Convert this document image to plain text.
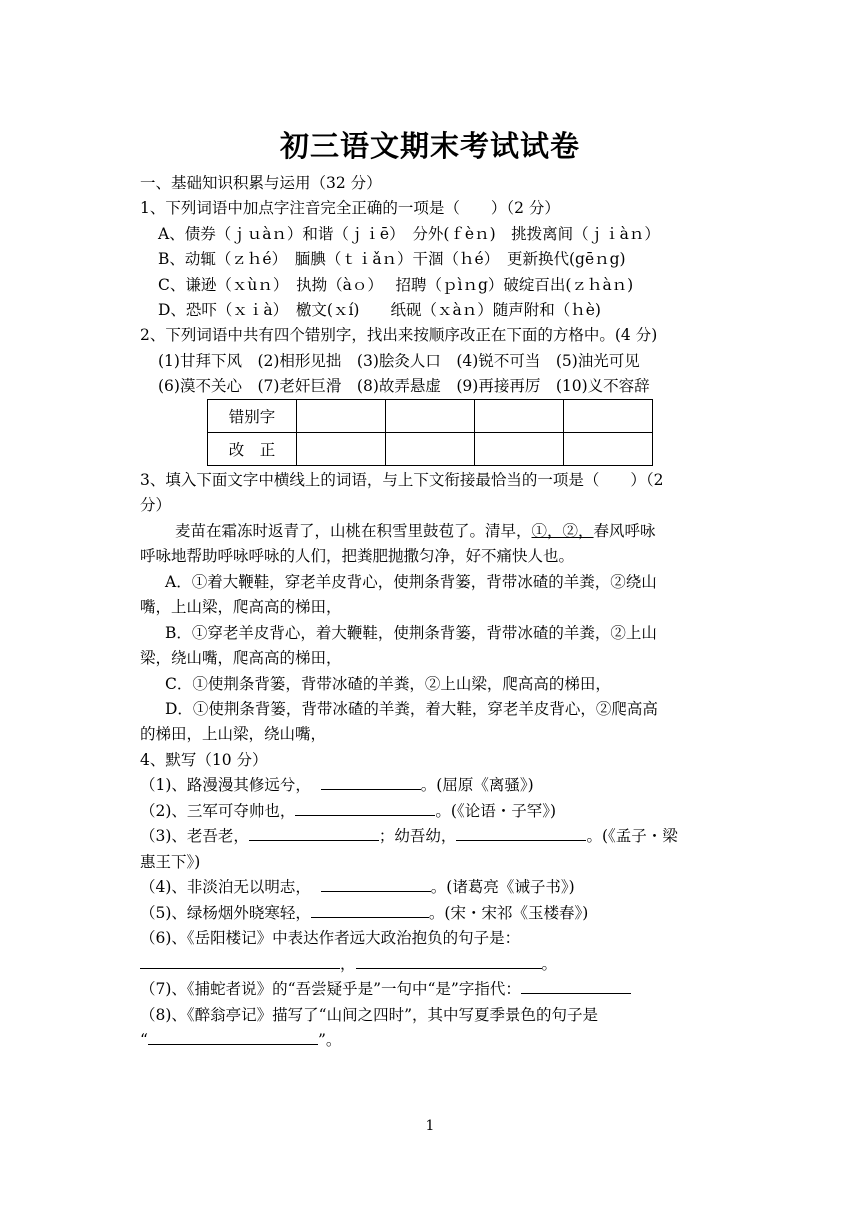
初三语文期末考试试卷
一、基础知识积累与运用（32 分）
1、下列词语中加点字注音完全正确的一项是（　　）（2 分）
A、债券（ｊｕàｎ）和谐（ｊｉē）　分外(ｆèｎ)　挑拨离间（ｊｉàｎ）
B、动辄（ｚｈé）　腼腆（ｔｉǎｎ）干涸（ｈé）　更新换代(gēｎg)
C、谦逊（ｘùｎ）　执拗（àｏ）　 招聘（ｐìｎg）破绽百出(ｚｈàｎ)
D、恐吓（ｘｉà）　檄文(ｘí)　　纸砚（ｘàｎ）随声附和（ｈè)
2、下列词语中共有四个错别字，找出来按顺序改正在下面的方格中。(4 分)
(1)甘拜下风　(2)相形见拙　(3)脍灸人口　(4)锐不可当　(5)油光可见
(6)漠不关心　(7)老奸巨滑　(8)故弄悬虚　(9)再接再厉　(10)义不容辞
错别字				
改　正				
3、填入下面文字中横线上的词语，与上下文衔接最恰当的一项是（　　）（2
分）
麦苗在霜冻时返青了，山桃在积雪里鼓苞了。清早，①，②，春风呼咏
呼咏地帮助呼咏呼咏的人们，把粪肥抛撒匀净，好不痛快人也。
A．①着大鞭鞋，穿老羊皮背心，使荆条背篓，背带冰碴的羊粪，②绕山
嘴，上山梁，爬高高的梯田，
B．①穿老羊皮背心，着大鞭鞋，使荆条背篓，背带冰碴的羊粪，②上山
梁，绕山嘴，爬高高的梯田，
C．①使荆条背篓，背带冰碴的羊粪，②上山梁，爬高高的梯田，
D．①使荆条背篓，背带冰碴的羊粪，着大鞋，穿老羊皮背心，②爬高高
的梯田，上山梁，绕山嘴，
4、默写（10 分）
（1)、路漫漫其修远兮，	。(屈原《离骚》)
（2)、三军可夺帅也，	。(《论语・子罕》)
（3)、老吾老，	；幼吾幼，	。(《孟子・梁
惠王下》)
（4)、非淡泊无以明志，	。(诸葛亮《诫子书》)
（5)、绿杨烟外晓寒轻，	。(宋・宋祁《玉楼春》)
（6)、《岳阳楼记》中表达作者远大政治抱负的句子是：
，	。
（7)、《捕蛇者说》的“吾尝疑乎是”一句中“是”字指代：
（8)、《醉翁亭记》描写了“山间之四时”，其中写夏季景色的句子是
“	”。
1
